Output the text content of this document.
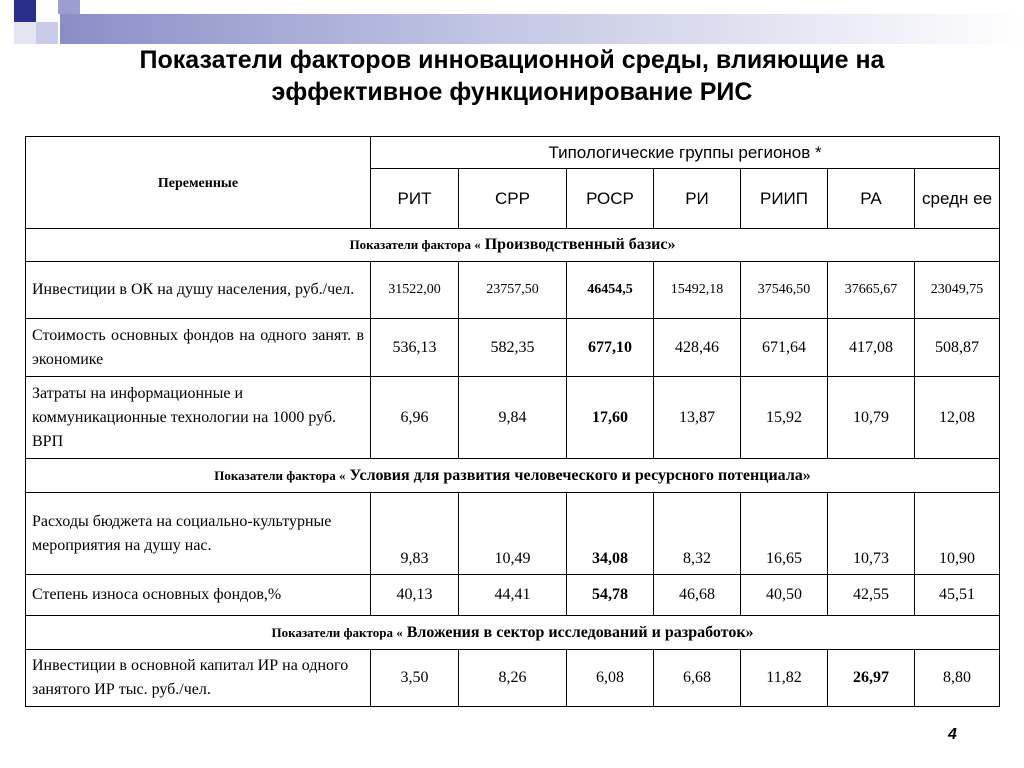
Показатели факторов инновационной среды, влияющие на
эффективное функционирование РИС
Переменные	Типологические группы регионов *						
	РИТ	СРР	РОСР	РИ	РИИП	РА	средн ее
Показатели фактора « Производственный базис»							
Инвестиции в ОК на душу населения, руб./чел.	31522,00	23757,50	46454,5	15492,18	37546,50	37665,67	23049,75
Стоимость основных фондов на одного занят. в экономике	536,13	582,35	677,10	428,46	671,64	417,08	508,87
Затраты на информационные и коммуникационные технологии на 1000 руб. ВРП	6,96	9,84	17,60	13,87	15,92	10,79	12,08
Показатели фактора « Условия для развития человеческого и ресурсного потенциала»							
Расходы бюджета на социально-культурные мероприятия на душу нас.	9,83	10,49	34,08	8,32	16,65	10,73	10,90
Степень износа основных фондов,%	40,13	44,41	54,78	46,68	40,50	42,55	45,51
Показатели фактора « Вложения в сектор исследований и разработок»							
Инвестиции в основной капитал ИР на одного занятого ИР тыс. руб./чел.	3,50	8,26	6,08	6,68	11,82	26,97	8,80
4
